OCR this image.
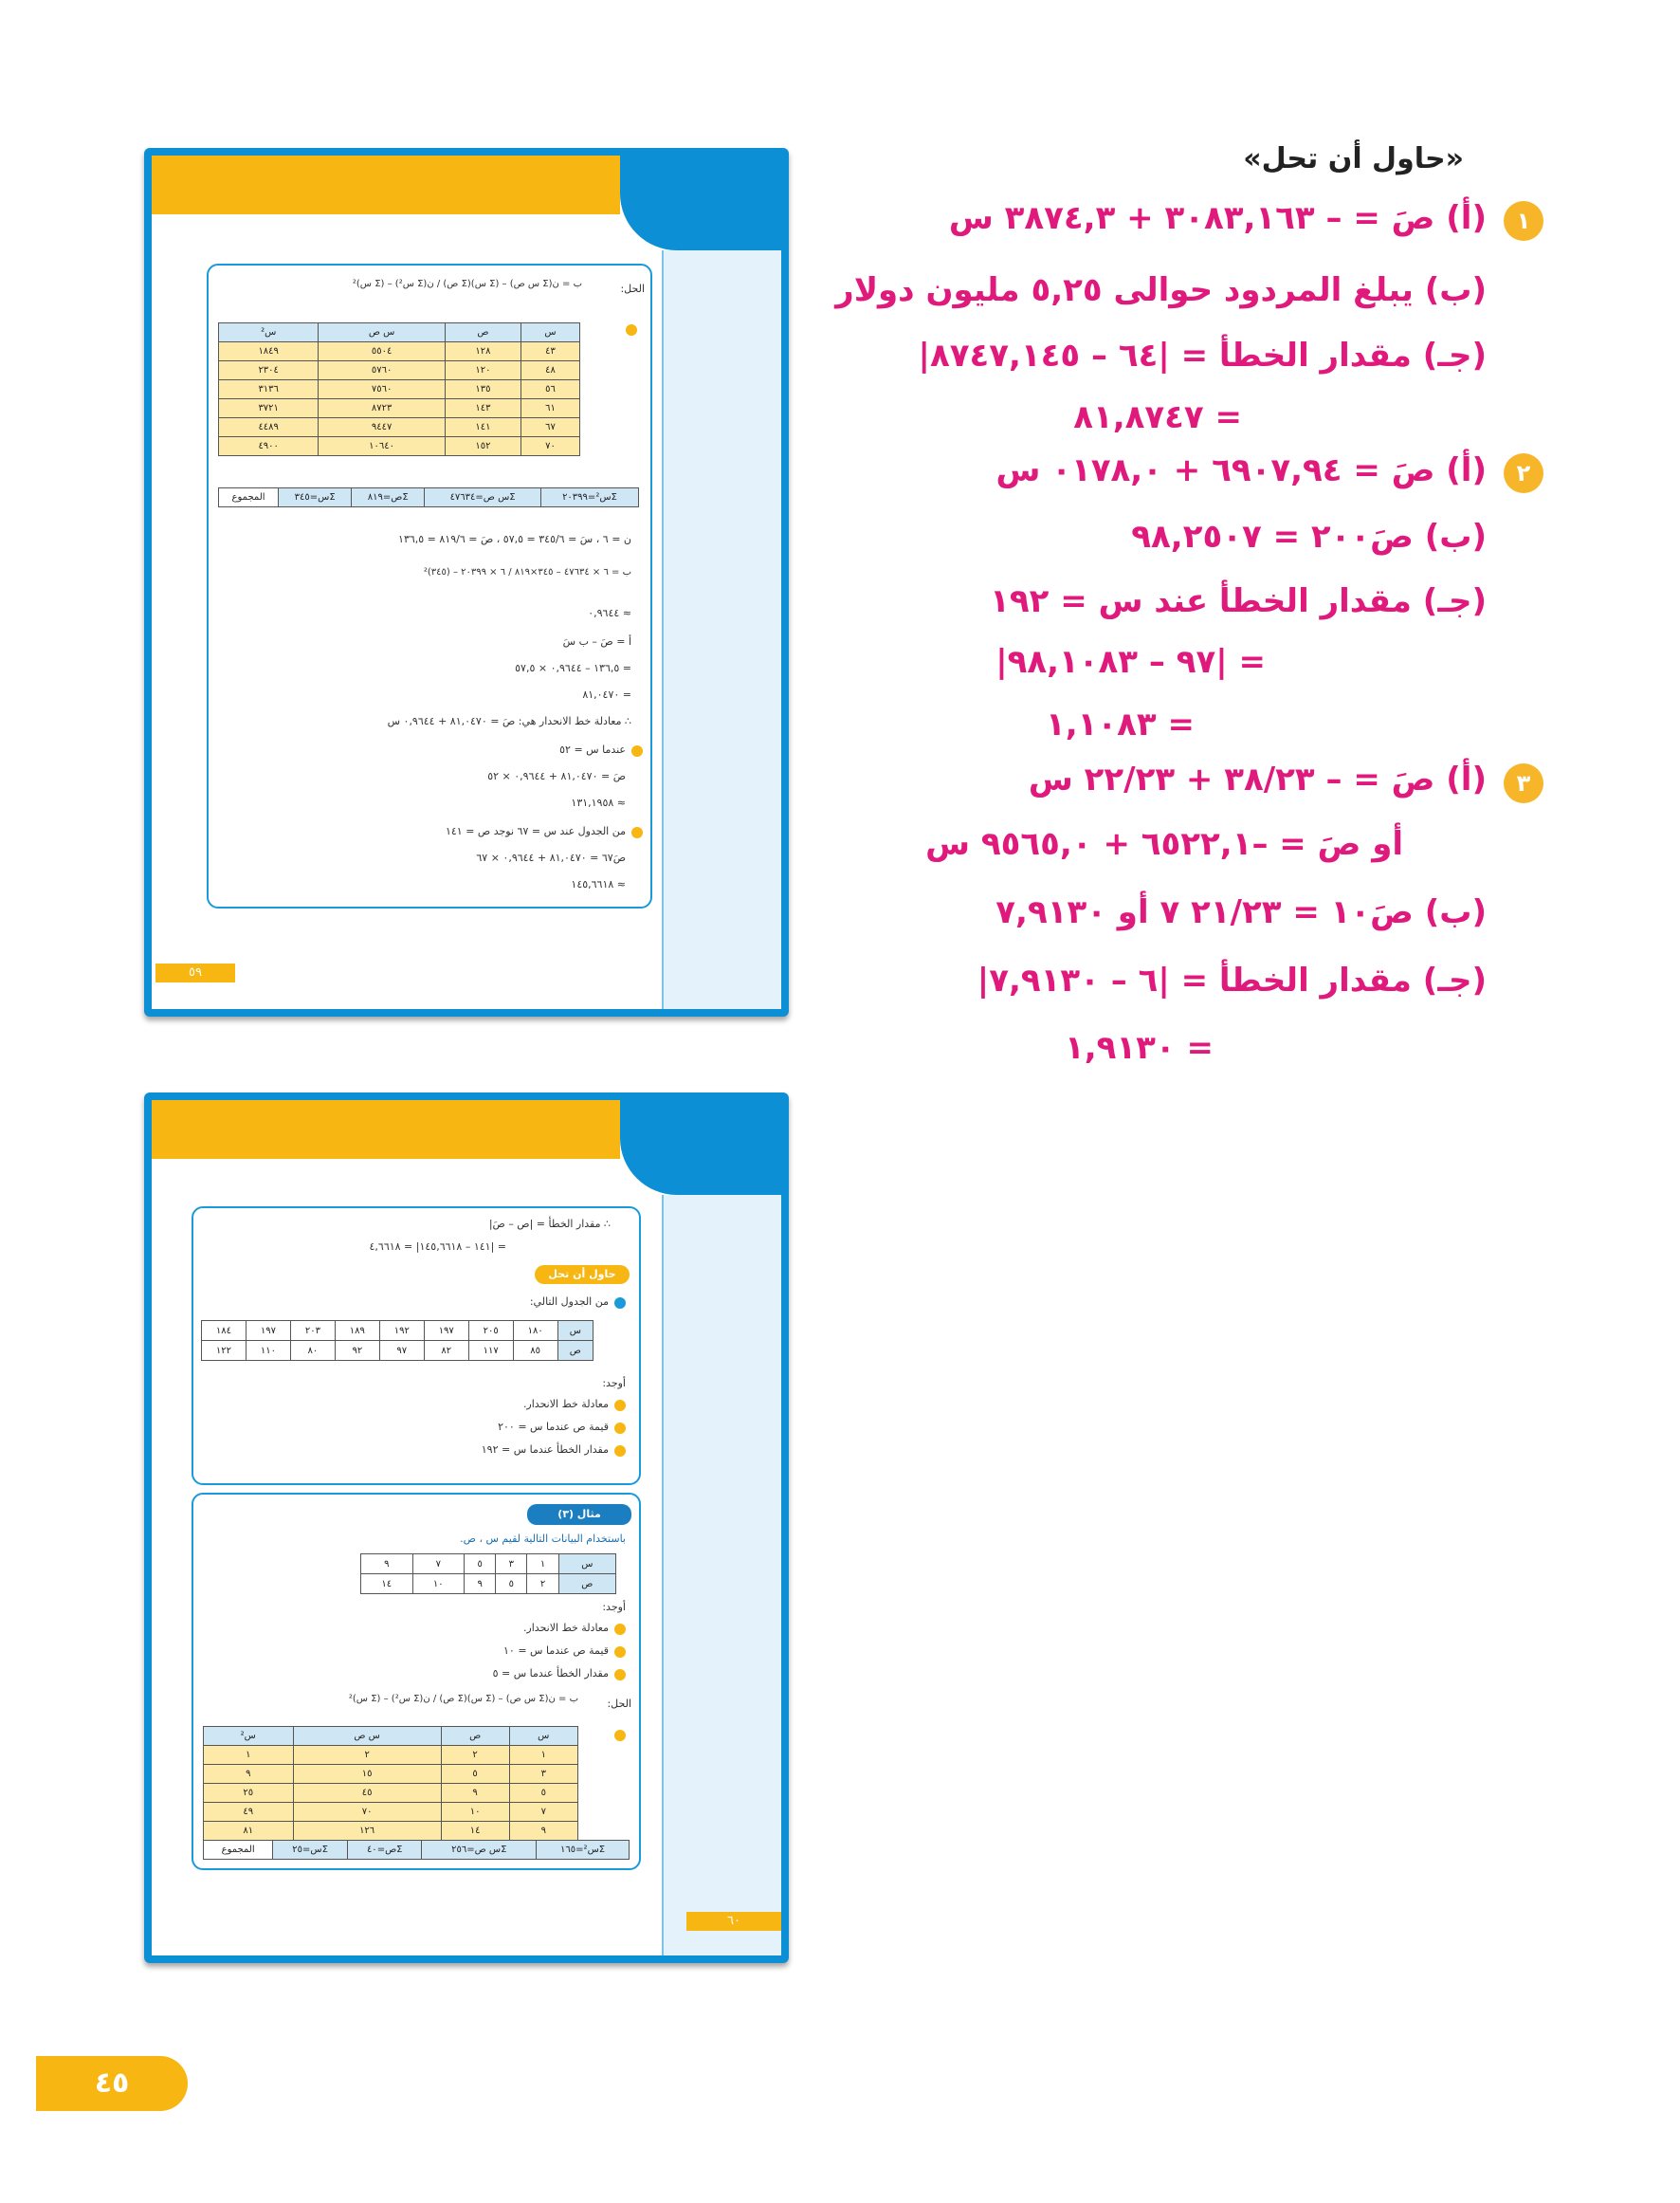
«حاول أن تحل»
١
(أ) صَ = – ٣٠٨٣,١٦٣ + ٣٨٧٤,٣ س
(ب) يبلغ المردود حوالى ٥,٢٥ مليون دولار
(جـ) مقدار الخطأ = |٦٤ – ٨٧٤٧,١٤٥|
= ٨١,٨٧٤٧
٢
(أ) صَ = ٦٩٠٧,٩٤ + ٠١٧٨,٠ س
(ب) صَ٢٠٠ = ٩٨,٢٥٠٧
(جـ) مقدار الخطأ عند س = ١٩٢
= |٩٧ – ٩٨,١٠٨٣|
= ١,١٠٨٣
٣
(أ) صَ = – ٣٨/٢٣ + ٢٢/٢٣ س
أو صَ = –٦٥٢٢,١ + ٩٥٦٥,٠ س
(ب) صَ١٠ = ٢١/٢٣ ٧ أو ٧,٩١٣٠
(جـ) مقدار الخطأ = |٦ – ٧,٩١٣٠|
= ١,٩١٣٠
٥٩
الحل:
ب = ن(Σ س ص) – (Σ س)(Σ ص) / ن(Σ س²) – (Σ س)²
س	ص	س ص	س²
٤٣	١٢٨	٥٥٠٤	١٨٤٩
٤٨	١٢٠	٥٧٦٠	٢٣٠٤
٥٦	١٣٥	٧٥٦٠	٣١٣٦
٦١	١٤٣	٨٧٢٣	٣٧٢١
٦٧	١٤١	٩٤٤٧	٤٤٨٩
٧٠	١٥٢	١٠٦٤٠	٤٩٠٠
Σس²=٢٠٣٩٩	Σس ص=٤٧٦٣٤	Σص=٨١٩	Σس=٣٤٥	المجموع
ن = ٦ ، سَ = ٣٤٥/٦ = ٥٧,٥ ، صَ = ٨١٩/٦ = ١٣٦,٥
ب = ٦ × ٤٧٦٣٤ – ٣٤٥×٨١٩ / ٦ × ٢٠٣٩٩ – (٣٤٥)²
≈ ٠,٩٦٤٤
أ = صَ – ب سَ
= ١٣٦,٥ – ٠,٩٦٤٤ × ٥٧,٥
= ٨١,٠٤٧٠
∴ معادلة خط الانحدار هي: صَ = ٨١,٠٤٧٠ + ٠,٩٦٤٤ س
عندما س = ٥٢
صَ = ٨١,٠٤٧٠ + ٠,٩٦٤٤ × ٥٢
≈ ١٣١,١٩٥٨
من الجدول عند س = ٦٧ نوجد ص = ١٤١
صَ٦٧ = ٨١,٠٤٧٠ + ٠,٩٦٤٤ × ٦٧
≈ ١٤٥,٦٦١٨
٦٠
∴ مقدار الخطأ = |ص – صَ|
= |١٤١ – ١٤٥,٦٦١٨| = ٤,٦٦١٨
حاول أن تحل
من الجدول التالي:
س	١٨٠	٢٠٥	١٩٧	١٩٢	١٨٩	٢٠٣	١٩٧	١٨٤
ص	٨٥	١١٧	٨٢	٩٧	٩٢	٨٠	١١٠	١٢٢
أوجد:
معادلة خط الانحدار.
قيمة ص عندما س = ٢٠٠
مقدار الخطأ عندما س = ١٩٢
مثال (٣)
باستخدام البيانات التالية لقيم س ، ص.
س	١	٣	٥	٧	٩
ص	٢	٥	٩	١٠	١٤
أوجد:
معادلة خط الانحدار.
قيمة ص عندما س = ١٠
مقدار الخطأ عندما س = ٥
الحل:
ب = ن(Σ س ص) – (Σ س)(Σ ص) / ن(Σ س²) – (Σ س)²
س	ص	س ص	س²
١	٢	٢	١
٣	٥	١٥	٩
٥	٩	٤٥	٢٥
٧	١٠	٧٠	٤٩
٩	١٤	١٢٦	٨١
Σس²=١٦٥	Σس ص=٢٥٦	Σص=٤٠	Σس=٢٥	المجموع
٤٥
